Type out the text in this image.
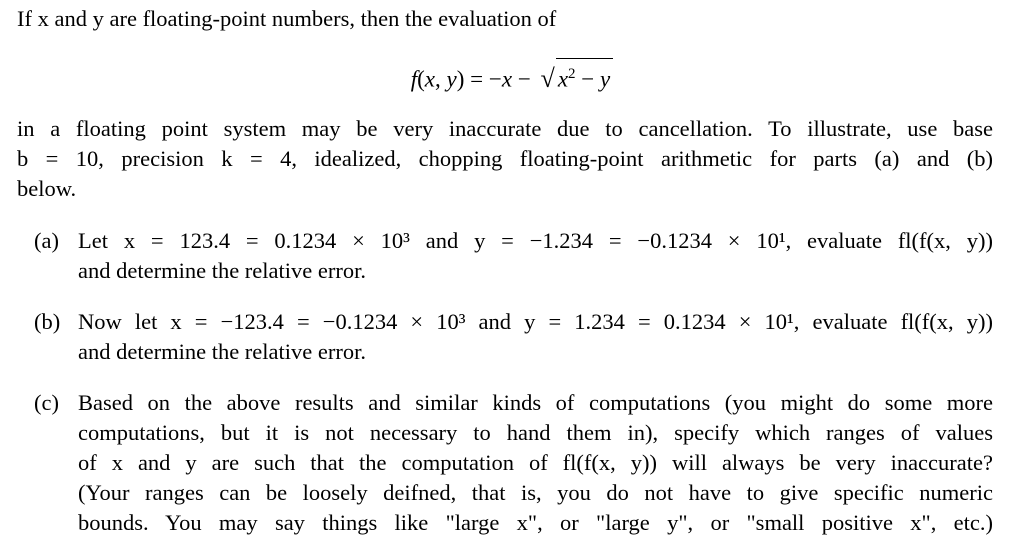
If x and y are floating-point numbers, then the evaluation of
f(x, y) = −x − √ $x^2 - y$
in a floating point system may be very inaccurate due to cancellation. To illustrate, use base
b = 10, precision k = 4, idealized, chopping floating-point arithmetic for parts (a) and (b)
below.
(a) Let x = 123.4 = 0.1234 × 10³ and y = −1.234 = −0.1234 × 10¹, evaluate fl(f(x, y))
and determine the relative error.
(b) Now let x = −123.4 = −0.1234 × 10³ and y = 1.234 = 0.1234 × 10¹, evaluate fl(f(x, y))
and determine the relative error.
(c) Based on the above results and similar kinds of computations (you might do some more
computations, but it is not necessary to hand them in), specify which ranges of values
of x and y are such that the computation of fl(f(x, y)) will always be very inaccurate?
(Your ranges can be loosely deifned, that is, you do not have to give specific numeric
bounds. You may say things like "large x", or "large y", or "small positive x", etc.)
